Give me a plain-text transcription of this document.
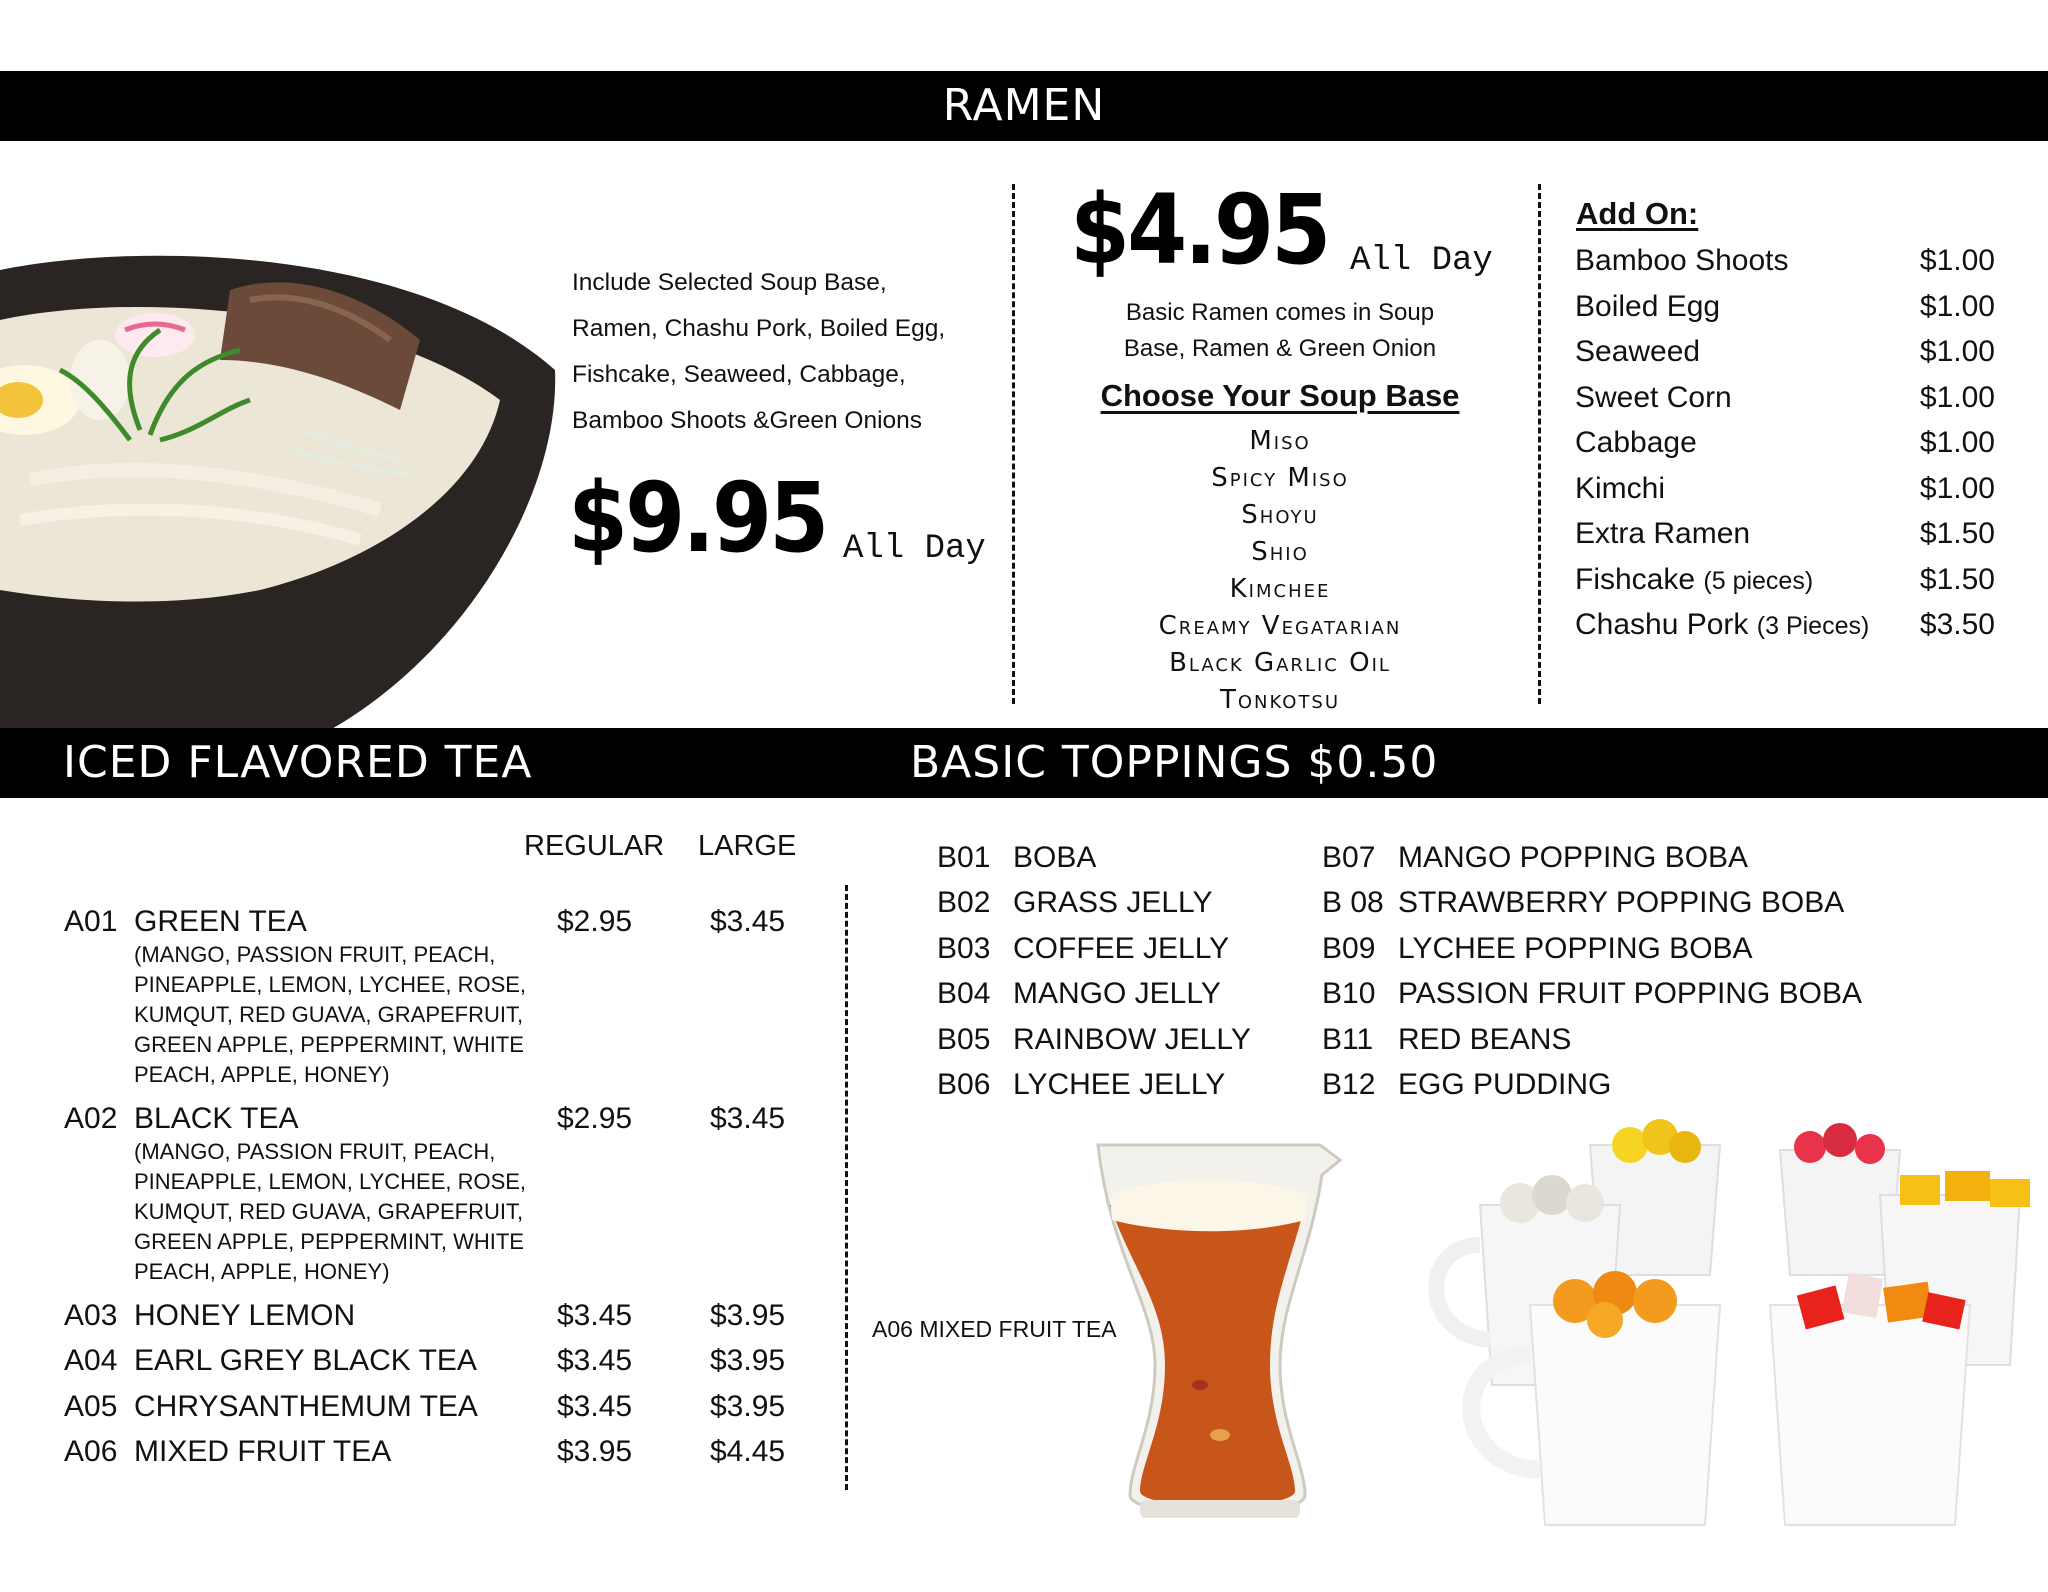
RAMEN
Include Selected Soup Base,
Ramen, Chashu Pork, Boiled Egg,
Fishcake, Seaweed, Cabbage,
Bamboo Shoots &Green Onions
$9.95 All Day
$4.95 All Day
Basic Ramen comes in Soup
Base, Ramen & Green Onion
Choose Your Soup Base
Miso
Spicy Miso
Shoyu
Shio
Kimchee
Creamy Vegatarian
Black Garlic Oil
Tonkotsu
Add On:
Bamboo Shoots	$1.00
Boiled Egg	$1.00
Seaweed	$1.00
Sweet Corn	$1.00
Cabbage	$1.00
Kimchi	$1.00
Extra Ramen	$1.50
Fishcake (5 pieces)	$1.50
Chashu Pork (3 Pieces) $3.50
ICED FLAVORED TEA	BASIC TOPPINGS $0.50
REGULAR LARGE
A01 GREEN TEA	$2.95	$3.45
(MANGO, PASSION FRUIT, PEACH, PINEAPPLE, LEMON, LYCHEE, ROSE, KUMQUT, RED GUAVA, GRAPEFRUIT, GREEN APPLE, PEPPERMINT, WHITE PEACH, APPLE, HONEY)
A02 BLACK TEA	$2.95	$3.45
(MANGO, PASSION FRUIT, PEACH, PINEAPPLE, LEMON, LYCHEE, ROSE, KUMQUT, RED GUAVA, GRAPEFRUIT, GREEN APPLE, PEPPERMINT, WHITE PEACH, APPLE, HONEY)
A03 HONEY LEMON	$3.45	$3.95
A04 EARL GREY BLACK TEA	$3.45	$3.95
A05 CHRYSANTHEMUM TEA	$3.45	$3.95
A06 MIXED FRUIT TEA	$3.95	$4.45
B01 BOBA
B02 GRASS JELLY
B03 COFFEE JELLY
B04 MANGO JELLY
B05 RAINBOW JELLY
B06 LYCHEE JELLY
B07 MANGO POPPING BOBA
B 08 STRAWBERRY POPPING BOBA
B09 LYCHEE POPPING BOBA
B10 PASSION FRUIT POPPING BOBA
B11 RED BEANS
B12 EGG PUDDING
A06 MIXED FRUIT TEA
